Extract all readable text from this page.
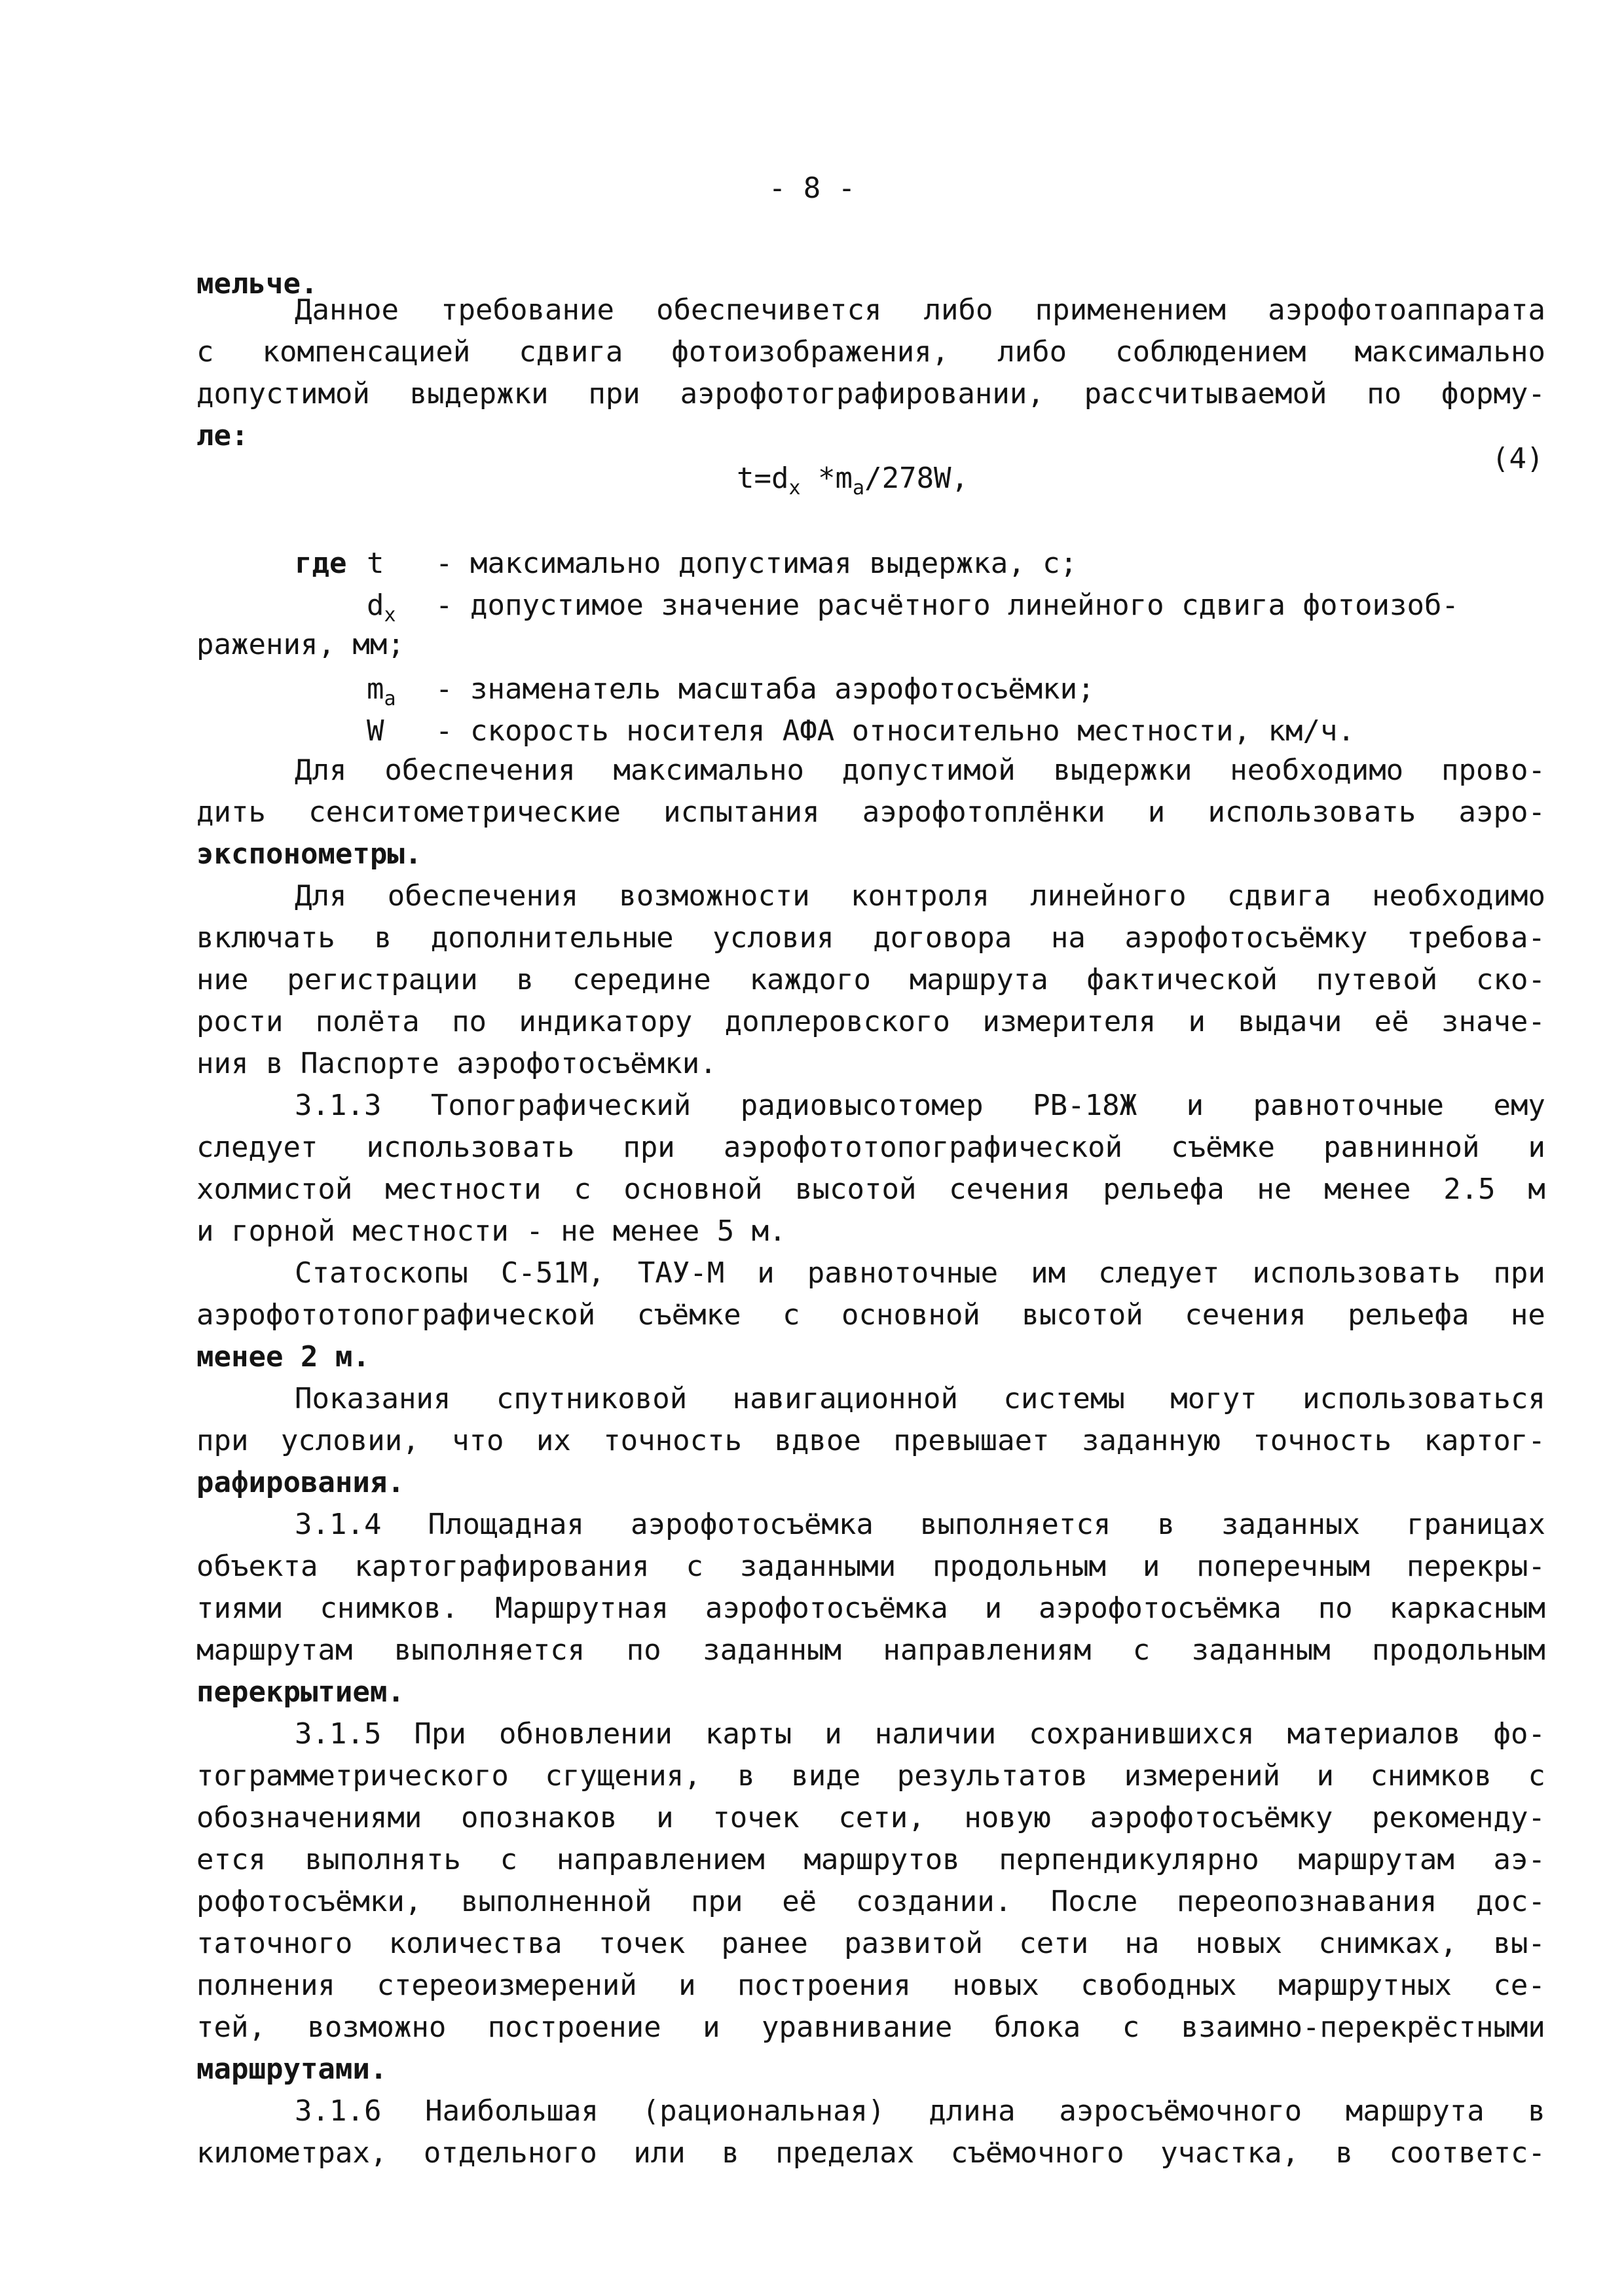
- 8 -

мельче.

Данное требование обеспечивется либо применением аэрофотоаппарата

с компенсацией сдвига фотоизображения, либо соблюдением максимально

допустимой выдержки при аэрофотографировании, рассчитываемой по форму-

ле:

$t=d_x$ $*m_a/278W$,
(4)
где t - максимально допустимая выдержка, с;
$d_x$ - допустимое значение расчётного линейного сдвига фотоизоб-

ражения, мм;

$m_a$ - знаменатель масштаба аэрофотосъёмки;
W - скорость носителя АФА относительно местности, км/ч.

Для обеспечения максимально допустимой выдержки необходимо прово-

дить сенситометрические испытания аэрофотоплёнки и использовать аэро-

экспонометры.

Для обеспечения возможности контроля линейного сдвига необходимо

включать в дополнительные условия договора на аэрофотосъёмку требова-

ние регистрации в середине каждого маршрута фактической путевой ско-

рости полёта по индикатору доплеровского измерителя и выдачи её значе-

ния в Паспорте аэрофотосъёмки.

3.1.3 Топографический радиовысотомер РВ-18Ж и равноточные ему

следует использовать при аэрофототопографической съёмке равнинной и

холмистой местности с основной высотой сечения рельефа не менее 2.5 м

и горной местности - не менее 5 м.

Статоскопы С-51М, ТАУ-М и равноточные им следует использовать при

аэрофототопографической съёмке с основной высотой сечения рельефа не

менее 2 м.

Показания спутниковой навигационной системы могут использоваться

при условии, что их точность вдвое превышает заданную точность картог-

рафирования.

3.1.4 Площадная аэрофотосъёмка выполняется в заданных границах

объекта картографирования с заданными продольным и поперечным перекры-

тиями снимков. Маршрутная аэрофотосъёмка и аэрофотосъёмка по каркасным

маршрутам выполняется по заданным направлениям с заданным продольным

перекрытием.

3.1.5 При обновлении карты и наличии сохранившихся материалов фо-

тограмметрического сгущения, в виде результатов измерений и снимков с

обозначениями опознаков и точек сети, новую аэрофотосъёмку рекоменду-

ется выполнять с направлением маршрутов перпендикулярно маршрутам аэ-

рофотосъёмки, выполненной при её создании. После переопознавания дос-

таточного количества точек ранее развитой сети на новых снимках, вы-

полнения стереоизмерений и построения новых свободных маршрутных се-

тей, возможно построение и уравнивание блока с взаимно-перекрёстными

маршрутами.

3.1.6 Наибольшая (рациональная) длина аэросъёмочного маршрута в

километрах, отдельного или в пределах съёмочного участка, в соответс-
